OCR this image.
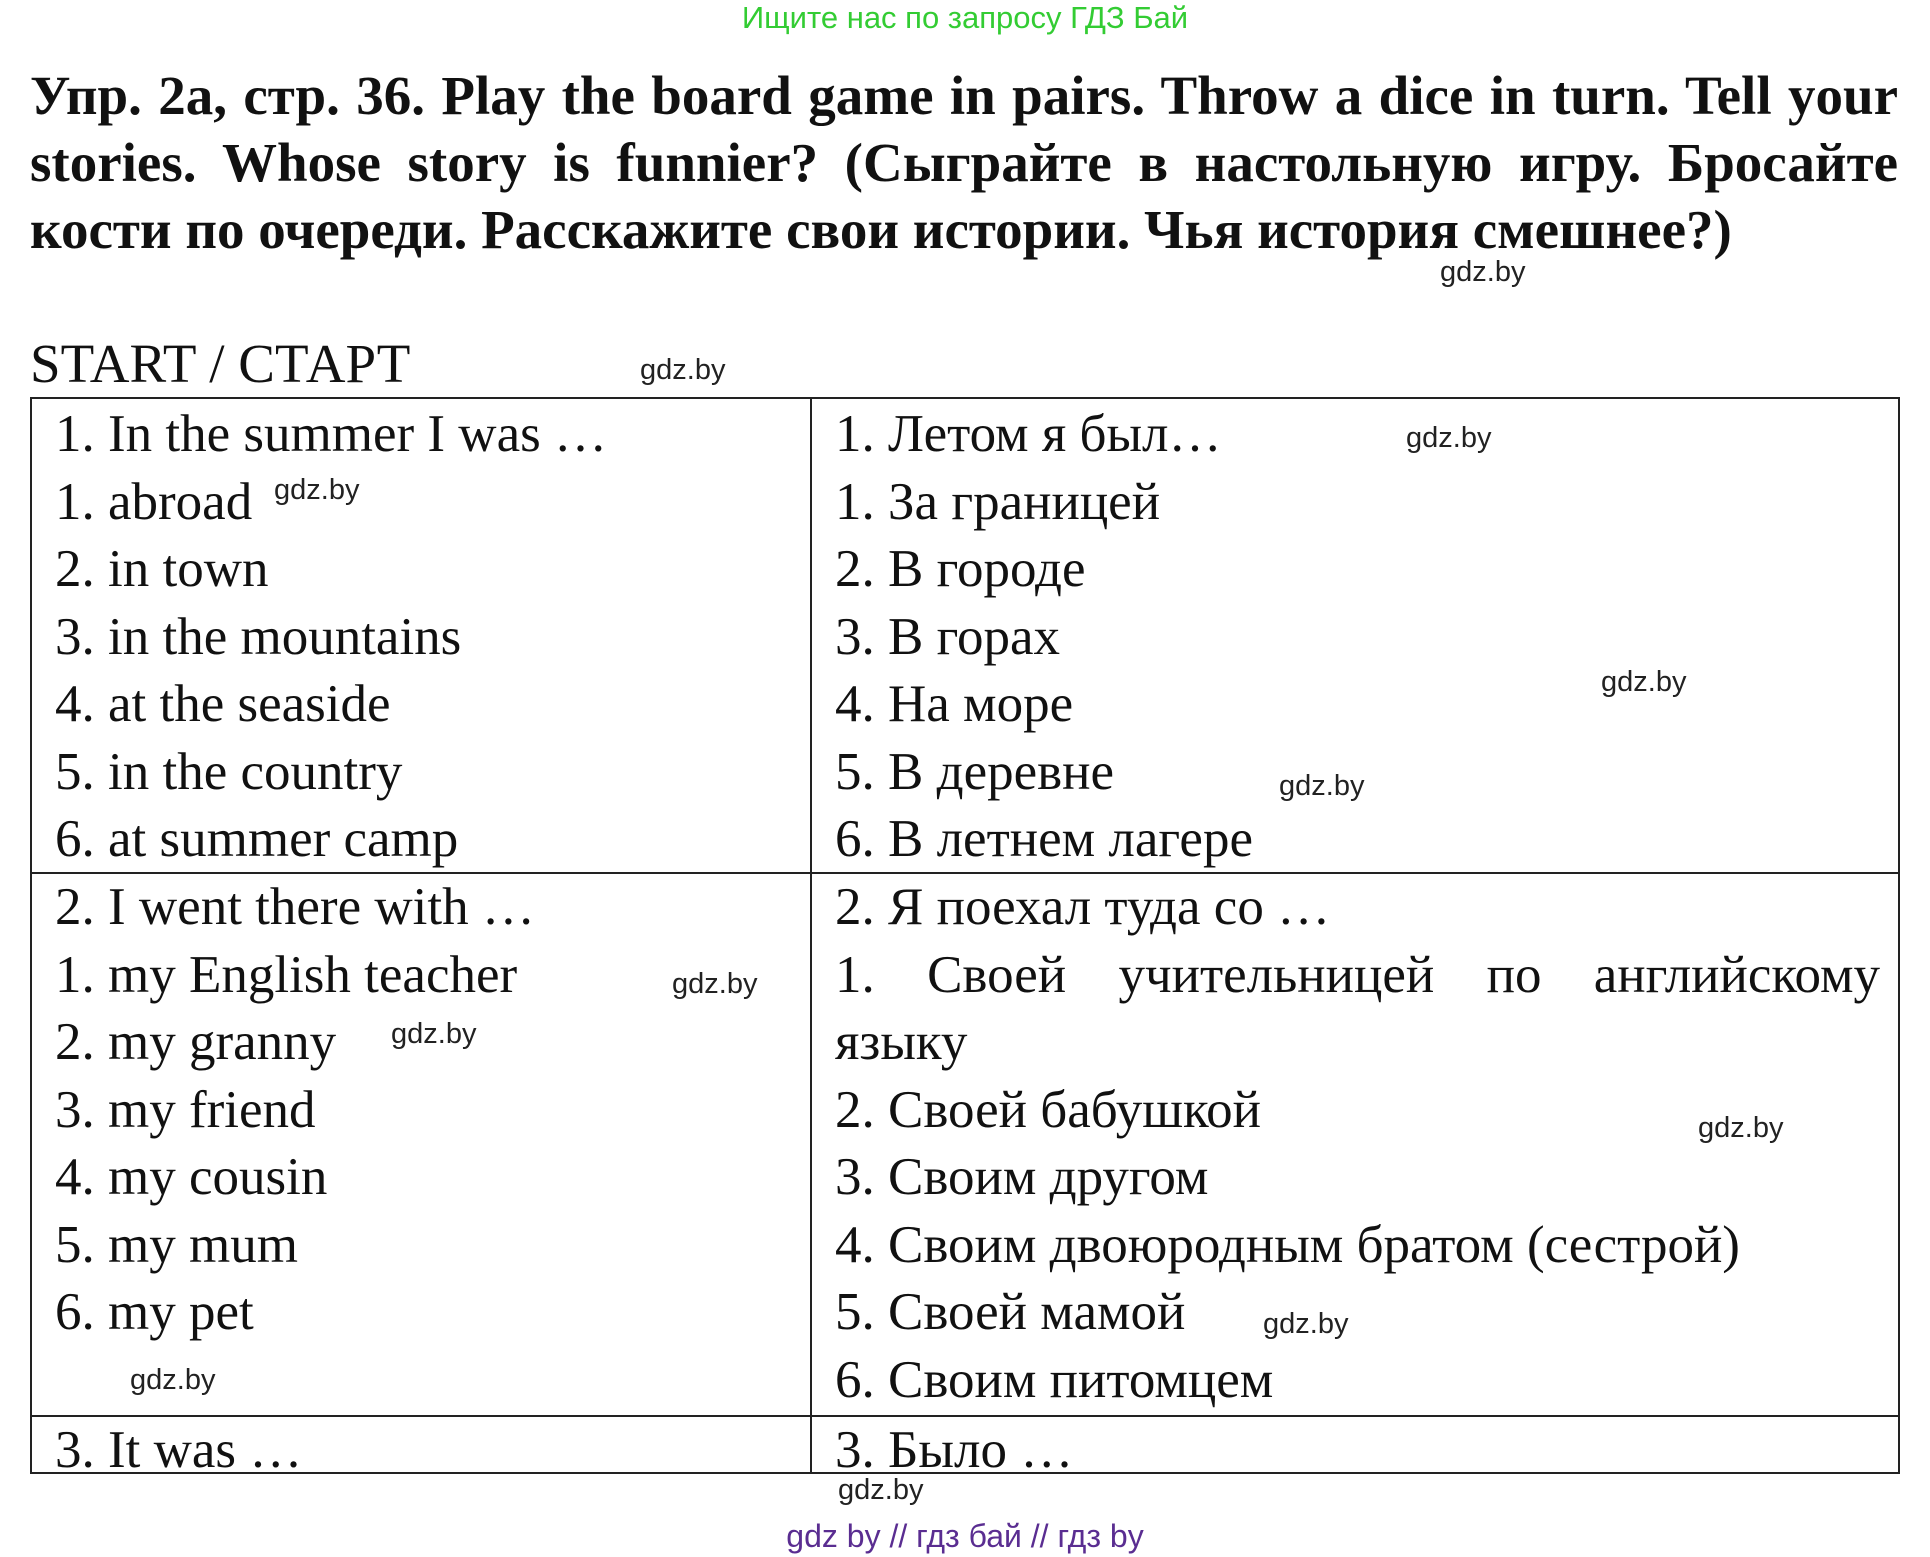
Ищите нас по запросу ГДЗ Бай

Упр. 2а, стр. 36. Play the board game in pairs. Throw a dice in turn. Tell your stories. Whose story is funnier? (Сыграйте в настольную игру. Бросайте кости по очереди. Расскажите свои истории. Чья история смешнее?)

START / СТАРТ
1. In the summer I was …
1. abroad
2. in town
3. in the mountains
4. at the seaside
5. in the country
6. at summer camp
1. Летом я был…
1. За границей
2. В городе
3. В горах
4. На море
5. В деревне
6. В летнем лагере
2. I went there with …
1. my English teacher
2. my granny
3. my friend
4. my cousin
5. my mum
6. my pet
2. Я поехал туда со …
1. Своей учительницей по английскому
языку
2. Своей бабушкой
3. Своим другом
4. Своим двоюродным братом (сестрой)
5. Своей мамой
6. Своим питомцем
3. It was …	3. Было …
gdz.by
gdz.by
gdz.by
gdz.by
gdz.by
gdz.by
gdz.by
gdz.by
gdz.by
gdz.by
gdz.by
gdz.by
gdz by // гдз бай // гдз by
